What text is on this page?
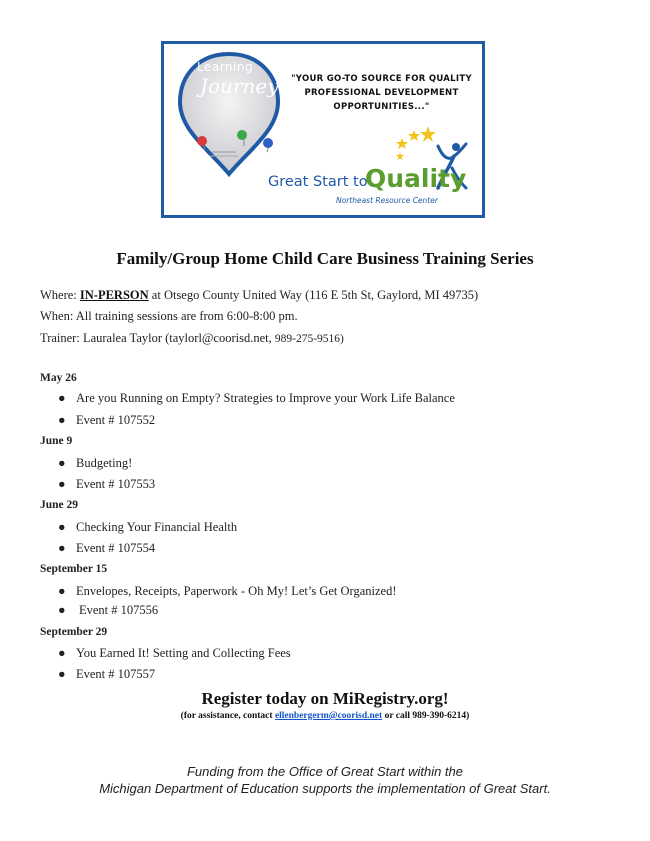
Learning
Journey	"YOUR GO-TO SOURCE FOR QUALITY
PROFESSIONAL DEVELOPMENT
OPPORTUNITIES..."
Great Start to
Quality
Northeast Resource Center
Family/Group Home Child Care Business Training Series
Where: IN-PERSON at Otsego County United Way (116 E 5th St, Gaylord, MI 49735)
When: All training sessions are from 6:00-8:00 pm.
Trainer: Lauralea Taylor (taylorl@coorisd.net, 989-275-9516)
May 26
● Are you Running on Empty? Strategies to Improve your Work Life Balance
● Event # 107552
June 9
● Budgeting!
● Event # 107553
June 29
● Checking Your Financial Health
● Event # 107554
September 15
● Envelopes, Receipts, Paperwork - Oh My! Let’s Get Organized!
● Event # 107556
September 29
● You Earned It! Setting and Collecting Fees
● Event # 107557
Register today on MiRegistry.org!
(for assistance, contact ellenbergerm@coorisd.net or call 989-390-6214)
Funding from the Office of Great Start within the
Michigan Department of Education supports the implementation of Great Start.
